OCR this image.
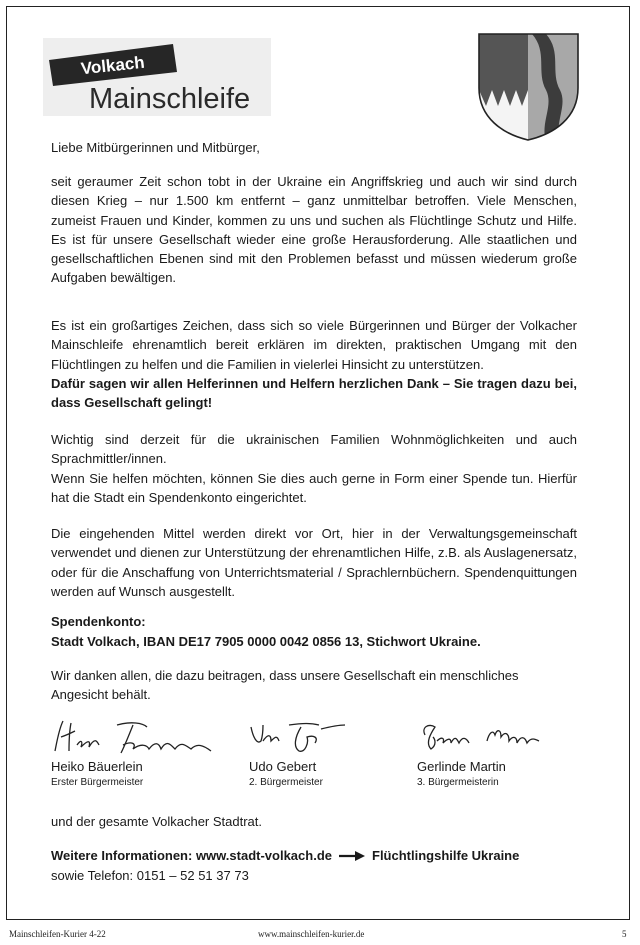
Volkach
Mainschleife
Liebe Mitbürgerinnen und Mitbürger,
seit geraumer Zeit schon tobt in der Ukraine ein Angriffskrieg und auch wir sind durch diesen Krieg – nur 1.500 km entfernt – ganz unmittelbar betroffen. Viele Menschen, zumeist Frauen und Kinder, kommen zu uns und suchen als Flüchtlinge Schutz und Hilfe. Es ist für unsere Gesellschaft wieder eine große Herausforderung. Alle staatlichen und gesellschaftlichen Ebenen sind mit den Problemen befasst und müssen wiederum große Aufgaben bewältigen.
Es ist ein großartiges Zeichen, dass sich so viele Bürgerinnen und Bürger der Volkacher Mainschleife ehrenamtlich bereit erklären im direkten, praktischen Umgang mit den Flüchtlingen zu helfen und die Familien in vielerlei Hinsicht zu unterstützen.
Dafür sagen wir allen Helferinnen und Helfern herzlichen Dank – Sie tragen dazu bei, dass Gesellschaft gelingt!
Wichtig sind derzeit für die ukrainischen Familien Wohnmöglichkeiten und auch Sprachmittler/innen.
Wenn Sie helfen möchten, können Sie dies auch gerne in Form einer Spende tun. Hierfür hat die Stadt ein Spendenkonto eingerichtet.
Die eingehenden Mittel werden direkt vor Ort, hier in der Verwaltungsgemeinschaft verwendet und dienen zur Unterstützung der ehrenamtlichen Hilfe, z.B. als Auslagenersatz, oder für die Anschaffung von Unterrichtsmaterial / Sprachlernbüchern. Spendenquittungen werden auf Wunsch ausgestellt.
Spendenkonto:
Stadt Volkach, IBAN DE17 7905 0000 0042 0856 13, Stichwort Ukraine.
Wir danken allen, die dazu beitragen, dass unsere Gesellschaft ein menschliches Angesicht behält.
Heiko Bäuerlein
Erster Bürgermeister
Udo Gebert
2. Bürgermeister
Gerlinde Martin
3. Bürgermeisterin
und der gesamte Volkacher Stadtrat.
Weitere Informationen: www.stadt-volkach.de	Flüchtlingshilfe Ukraine
sowie Telefon: 0151 – 52 51 37 73
Mainschleifen-Kurier 4-22	www.mainschleifen-kurier.de	5
